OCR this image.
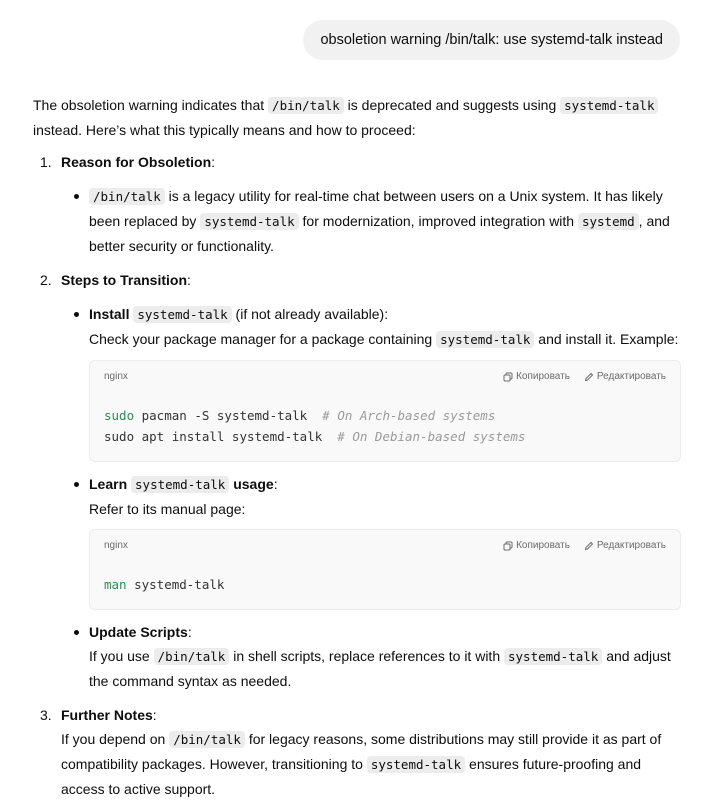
obsoletion warning /bin/talk: use systemd-talk instead

The obsoletion warning indicates that /bin/talk is deprecated and suggests using systemd-talk instead. Here’s what this typically means and how to proceed:

1. Reason for Obsoletion:
/bin/talk is a legacy utility for real-time chat between users on a Unix system. It has likely been replaced by systemd-talk for modernization, improved integration with systemd , and better security or functionality.
2. Steps to Transition:
Install systemd-talk (if not already available):
Check your package manager for a package containing systemd-talk and install it. Example:
nginx	Копировать	Редактировать
sudo pacman -S systemd-talk  # On Arch-based systems
sudo apt install systemd-talk  # On Debian-based systems
Learn systemd-talk usage:
Refer to its manual page:
nginx	Копировать	Редактировать
man systemd-talk
Update Scripts:
If you use /bin/talk in shell scripts, replace references to it with systemd-talk and adjust the command syntax as needed.
3. Further Notes:
If you depend on /bin/talk for legacy reasons, some distributions may still provide it as part of compatibility packages. However, transitioning to systemd-talk ensures future-proofing and access to active support.
